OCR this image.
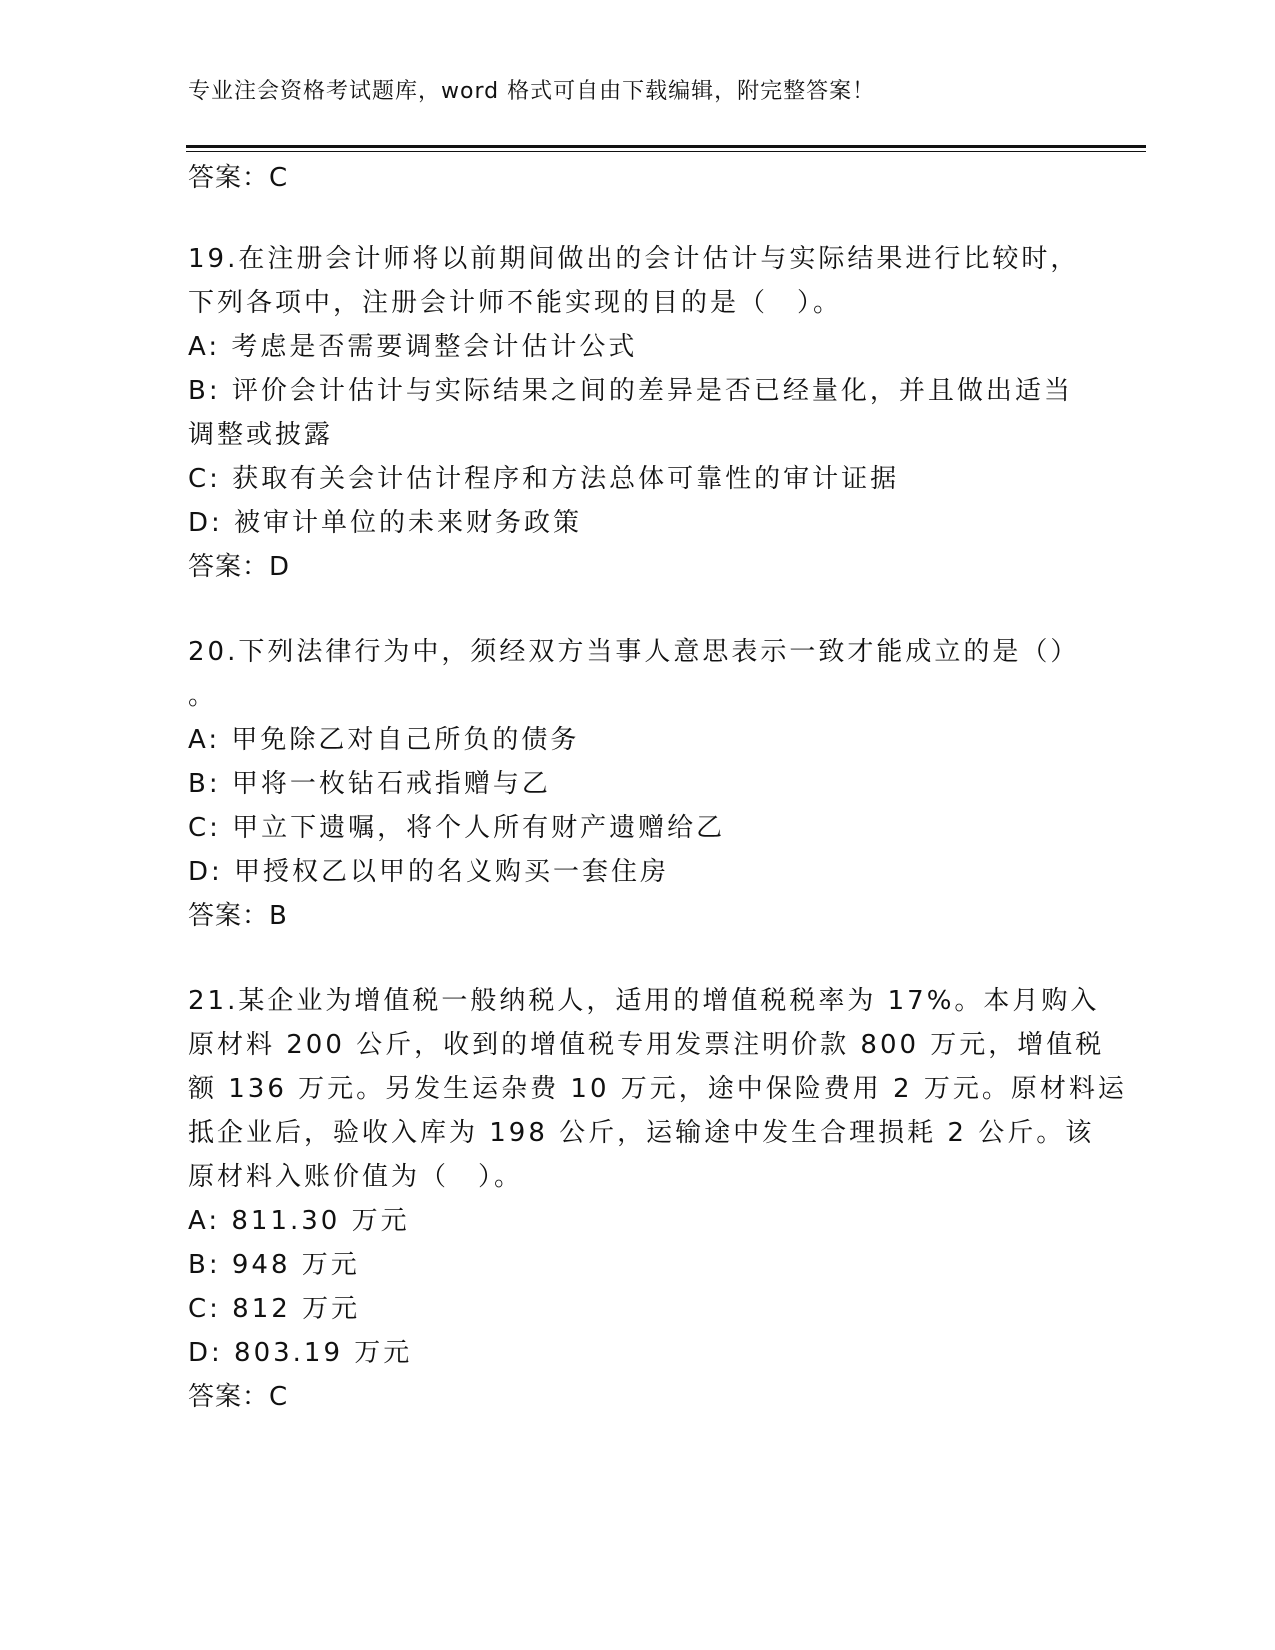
专业注会资格考试题库，word 格式可自由下载编辑，附完整答案！
答案：C
19.在注册会计师将以前期间做出的会计估计与实际结果进行比较时，
下列各项中，注册会计师不能实现的目的是（　）。
A: 考虑是否需要调整会计估计公式
B: 评价会计估计与实际结果之间的差异是否已经量化，并且做出适当
调整或披露
C: 获取有关会计估计程序和方法总体可靠性的审计证据
D: 被审计单位的未来财务政策
答案：D
20.下列法律行为中，须经双方当事人意思表示一致才能成立的是（）
。
A: 甲免除乙对自己所负的债务
B: 甲将一枚钻石戒指赠与乙
C: 甲立下遗嘱，将个人所有财产遗赠给乙
D: 甲授权乙以甲的名义购买一套住房
答案：B
21.某企业为增值税一般纳税人，适用的增值税税率为 17%。本月购入
原材料 200 公斤，收到的增值税专用发票注明价款 800 万元，增值税
额 136 万元。另发生运杂费 10 万元，途中保险费用 2 万元。原材料运
抵企业后，验收入库为 198 公斤，运输途中发生合理损耗 2 公斤。该
原材料入账价值为（　）。
A: 811.30 万元
B: 948 万元
C: 812 万元
D: 803.19 万元
答案：C
